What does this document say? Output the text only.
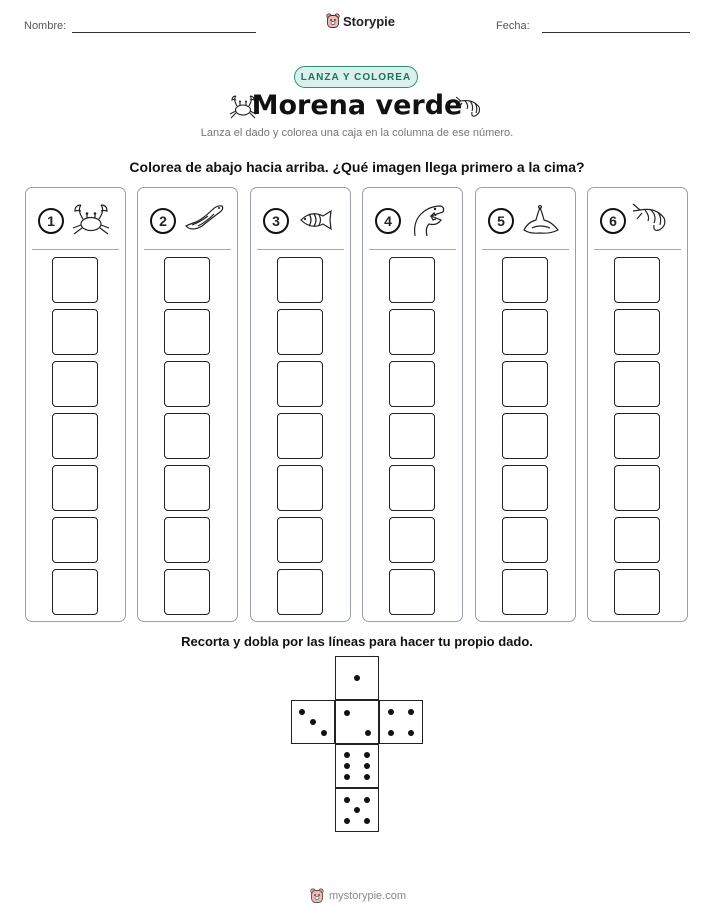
Nombre:	Storypie	Fecha:
LANZA Y COLOREA
Morena verde
Lanza el dado y colorea una caja en la columna de ese número.
Colorea de abajo hacia arriba. ¿Qué imagen llega primero a la cima?
1	2	3	4	5	6
Recorta y dobla por las líneas para hacer tu propio dado.
mystorypie.com
